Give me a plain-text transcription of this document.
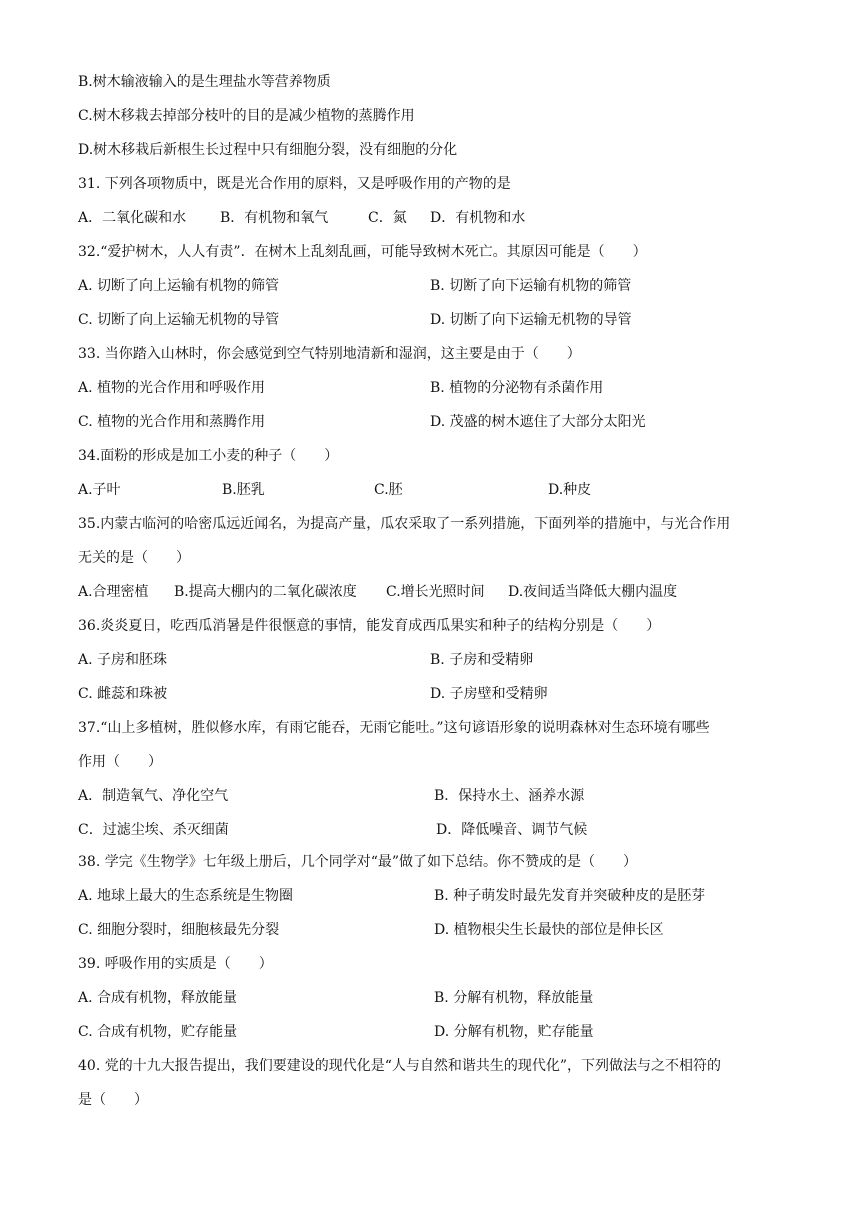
B.树木输液输入的是生理盐水等营养物质
C.树木移栽去掉部分枝叶的目的是减少植物的蒸腾作用
D.树木移栽后新根生长过程中只有细胞分裂，没有细胞的分化
31. 下列各项物质中，既是光合作用的原料，又是呼吸作用的产物的是
A．二氧化碳和水 B．有机物和氧气	C．氮 D．有机物和水
32.“爱护树木，人人有责”．在树木上乱刻乱画，可能导致树木死亡。其原因可能是（　　）
A. 切断了向上运输有机物的筛管	B. 切断了向下运输有机物的筛管
C. 切断了向上运输无机物的导管	D. 切断了向下运输无机物的导管
33. 当你踏入山林时，你会感觉到空气特别地清新和湿润，这主要是由于（　　）
A. 植物的光合作用和呼吸作用	B. 植物的分泌物有杀菌作用
C. 植物的光合作用和蒸腾作用	D. 茂盛的树木遮住了大部分太阳光
34.面粉的形成是加工小麦的种子（　　）
A.子叶	B.胚乳	C.胚	D.种皮
35.内蒙古临河的哈密瓜远近闻名，为提高产量，瓜农采取了一系列措施，下面列举的措施中，与光合作用
无关的是（　　）
A.合理密植 B.提高大棚内的二氧化碳浓度 C.增长光照时间 D.夜间适当降低大棚内温度
36.炎炎夏日，吃西瓜消暑是件很惬意的事情，能发育成西瓜果实和种子的结构分别是（　　）
A. 子房和胚珠	B. 子房和受精卵
C. 雌蕊和珠被	D. 子房壁和受精卵
37.“山上多植树，胜似修水库，有雨它能吞，无雨它能吐。”这句谚语形象的说明森林对生态环境有哪些
作用（　　）
A．制造氧气、净化空气	B．保持水土、涵养水源
C．过滤尘埃、杀灭细菌	D．降低噪音、调节气候
38. 学完《生物学》七年级上册后，几个同学对“最”做了如下总结。你不赞成的是（　　）
A. 地球上最大的生态系统是生物圈	B. 种子萌发时最先发育并突破种皮的是胚芽
C. 细胞分裂时，细胞核最先分裂	D. 植物根尖生长最快的部位是伸长区
39. 呼吸作用的实质是（　　）
A. 合成有机物，释放能量	B. 分解有机物，释放能量
C. 合成有机物，贮存能量	D. 分解有机物，贮存能量
40. 党的十九大报告提出，我们要建设的现代化是“人与自然和谐共生的现代化”，下列做法与之不相符的
是（　　）
